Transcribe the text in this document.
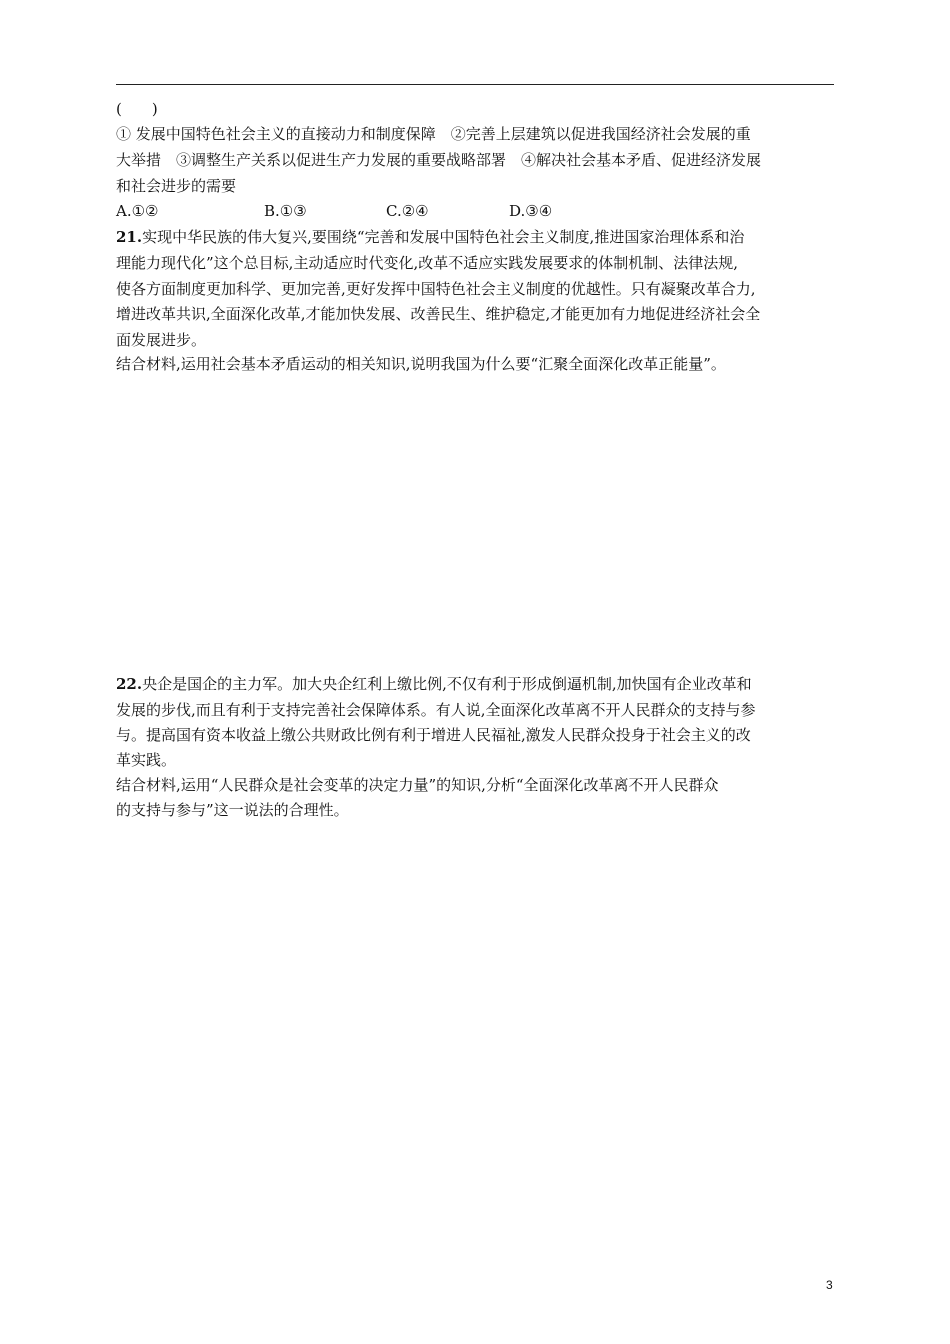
(　　)
① 发展中国特色社会主义的直接动力和制度保障　②完善上层建筑以促进我国经济社会发展的重
大举措　③调整生产关系以促进生产力发展的重要战略部署　④解决社会基本矛盾、促进经济发展
和社会进步的需要
A.①②	B.①③	C.②④	D.③④
21.实现中华民族的伟大复兴,要围绕“完善和发展中国特色社会主义制度,推进国家治理体系和治
理能力现代化”这个总目标,主动适应时代变化,改革不适应实践发展要求的体制机制、法律法规,
使各方面制度更加科学、更加完善,更好发挥中国特色社会主义制度的优越性。只有凝聚改革合力,
增进改革共识,全面深化改革,才能加快发展、改善民生、维护稳定,才能更加有力地促进经济社会全
面发展进步。
结合材料,运用社会基本矛盾运动的相关知识,说明我国为什么要“汇聚全面深化改革正能量”。
22.央企是国企的主力军。加大央企红利上缴比例,不仅有利于形成倒逼机制,加快国有企业改革和
发展的步伐,而且有利于支持完善社会保障体系。有人说,全面深化改革离不开人民群众的支持与参
与。提高国有资本收益上缴公共财政比例有利于增进人民福祉,激发人民群众投身于社会主义的改
革实践。
结合材料,运用“人民群众是社会变革的决定力量”的知识,分析“全面深化改革离不开人民群众
的支持与参与”这一说法的合理性。
3
